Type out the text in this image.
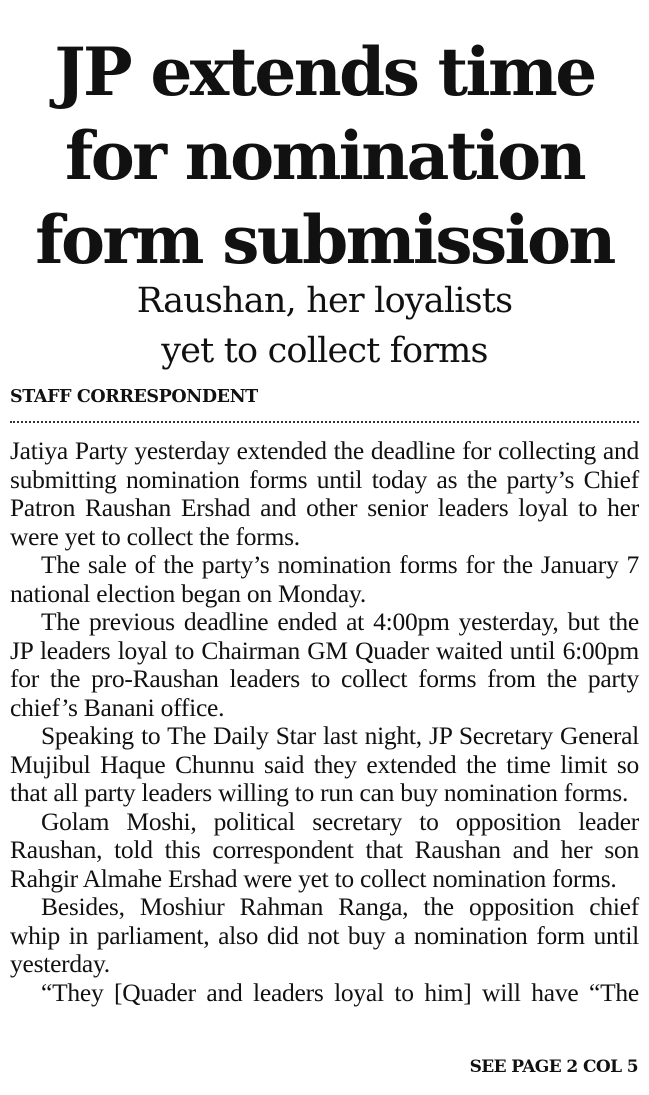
JP extends time
for nomination
form submission
Raushan, her loyalists
yet to collect forms
STAFF CORRESPONDENT

Jatiya Party yesterday extended the deadline for collecting and submitting nomination forms until today as the party’s Chief Patron Raushan Ershad and other senior leaders loyal to her were yet to collect the forms.

The sale of the party’s nomination forms for the January 7 national election began on Monday.

The previous deadline ended at 4:00pm yesterday, but the JP leaders loyal to Chairman GM Quader waited until 6:00pm for the pro-Raushan leaders to collect forms from the party chief’s Banani office.

Speaking to The Daily Star last night, JP Secretary General Mujibul Haque Chunnu said they extended the time limit so that all party leaders willing to run can buy nomination forms.

Golam Moshi, political secretary to opposition leader Raushan, told this correspondent that Raushan and her son Rahgir Almahe Ershad were yet to collect nomination forms.

Besides, Moshiur Rahman Ranga, the opposition chief whip in parliament, also did not buy a nomination form until yesterday.

“They [Quader and leaders loyal to him] will have “The

SEE PAGE 2 COL 5
